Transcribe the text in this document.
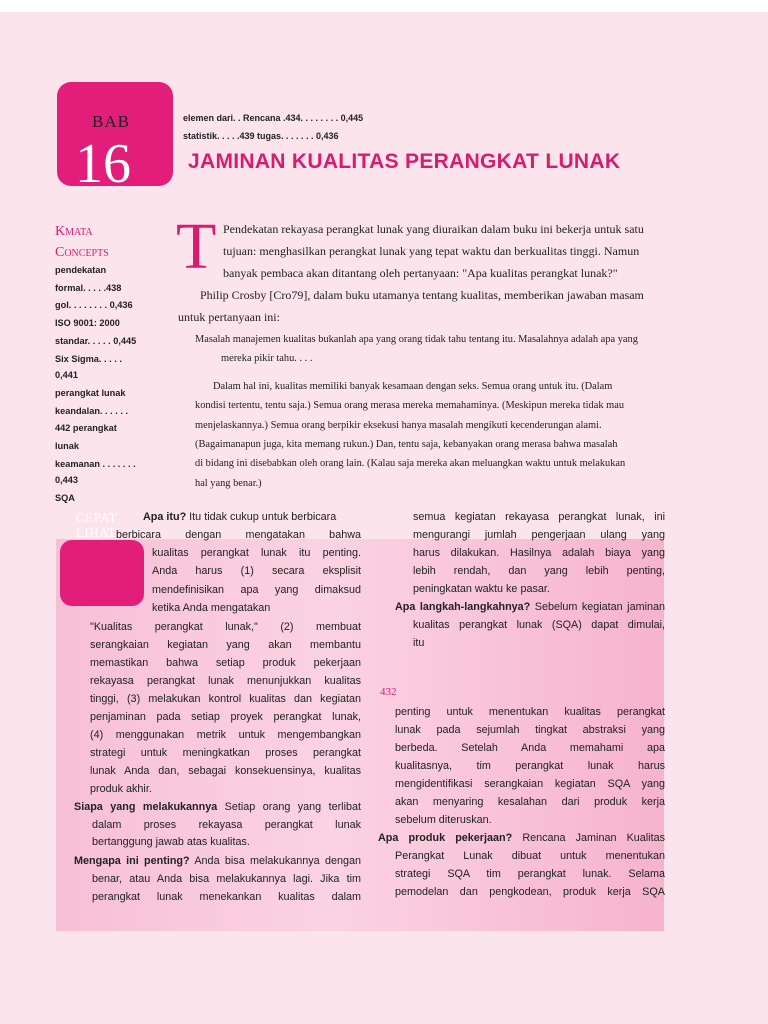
BAB
16
elemen dari. . Rencana .434. . . . . . . . 0,445
statistik. . . . .439 tugas. . . . . . . 0,436
JAMINAN KUALITAS PERANGKAT LUNAK
Kmata
Concepts T Pendekatan rekayasa perangkat lunak yang diuraikan dalam buku ini bekerja untuk satu
tujuan: menghasilkan perangkat lunak yang tepat waktu dan berkualitas tinggi. Namun
banyak pembaca akan ditantang oleh pertanyaan: "Apa kualitas perangkat lunak?"
Philip Crosby [Cro79], dalam buku utamanya tentang kualitas, memberikan jawaban masam
untuk pertanyaan ini:
Masalah manajemen kualitas bukanlah apa yang orang tidak tahu tentang itu. Masalahnya adalah apa yang
mereka pikir tahu. . . .
Dalam hal ini, kualitas memiliki banyak kesamaan dengan seks. Semua orang untuk itu. (Dalam
kondisi tertentu, tentu saja.) Semua orang merasa mereka memahaminya. (Meskipun mereka tidak mau
menjelaskannya.) Semua orang berpikir eksekusi hanya masalah mengikuti kecenderungan alami.
(Bagaimanapun juga, kita memang rukun.) Dan, tentu saja, kebanyakan orang merasa bahwa masalah
di bidang ini disebabkan oleh orang lain. (Kalau saja mereka akan meluangkan waktu untuk melakukan
hal yang benar.)
CEPAT
LIHAT
432
Apa itu? Itu tidak cukup untuk berbicara
berbicara dengan mengatakan bahwa
kualitas perangkat lunak itu penting.
Anda harus (1) secara eksplisit
mendefinisikan apa yang dimaksud
ketika Anda mengatakan
"Kualitas perangkat lunak," (2) membuat
serangkaian kegiatan yang akan membantu
memastikan bahwa setiap produk pekerjaan
rekayasa perangkat lunak menunjukkan kualitas
tinggi, (3) melakukan kontrol kualitas dan kegiatan
penjaminan pada setiap proyek perangkat lunak,
(4) menggunakan metrik untuk mengembangkan
strategi untuk meningkatkan proses perangkat
lunak Anda dan, sebagai konsekuensinya, kualitas
produk akhir.
Siapa yang melakukannya Setiap orang yang terlibat
dalam proses rekayasa perangkat lunak
bertanggung jawab atas kualitas.
Mengapa ini penting? Anda bisa melakukannya dengan
benar, atau Anda bisa melakukannya lagi. Jika tim
perangkat lunak menekankan kualitas dalam
semua kegiatan rekayasa perangkat lunak, ini
mengurangi jumlah pengerjaan ulang yang
harus dilakukan. Hasilnya adalah biaya yang
lebih rendah, dan yang lebih penting,
peningkatan waktu ke pasar.
Apa langkah-langkahnya? Sebelum kegiatan jaminan
kualitas perangkat lunak (SQA) dapat dimulai,
itu
penting untuk menentukan kualitas perangkat
lunak pada sejumlah tingkat abstraksi yang
berbeda. Setelah Anda memahami apa
kualitasnya, tim perangkat lunak harus
mengidentifikasi serangkaian kegiatan SQA yang
akan menyaring kesalahan dari produk kerja
sebelum diteruskan.
Apa produk pekerjaan? Rencana Jaminan Kualitas
Perangkat Lunak dibuat untuk menentukan
strategi SQA tim perangkat lunak. Selama
pemodelan dan pengkodean, produk kerja SQA
pendekatan
formal. . . . .438
gol. . . . . . . . 0,436
ISO 9001: 2000
standar. . . . . 0,445
Six Sigma. . . . .
0,441
perangkat lunak
keandalan. . . . . .
442 perangkat
lunak
keamanan . . . . . . .
0,443
SQA
